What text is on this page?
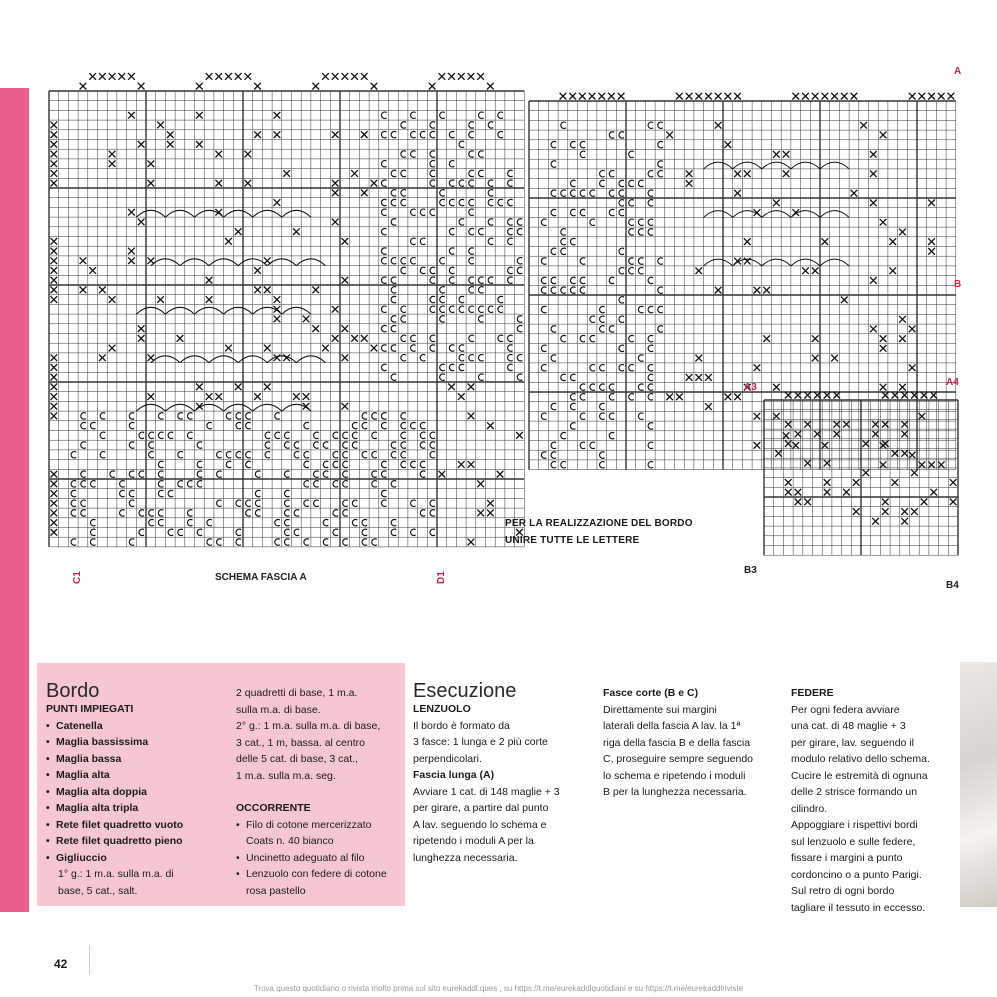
A
B
A3	A4
B3
B4
C1	D1
SCHEMA FASCIA A
PER LA REALIZZAZIONE DEL BORDO
UNIRE TUTTE LE LETTERE
Bordo
PUNTI IMPIEGATI
• Catenella
• Maglia bassissima
• Maglia bassa
• Maglia alta
• Maglia alta doppia
• Maglia alta tripla
• Rete filet quadretto vuoto
• Rete filet quadretto pieno
• Gigliuccio
1° g.: 1 m.a. sulla m.a. di
base, 5 cat., salt.
2 quadretti di base, 1 m.a.
sulla m.a. di base.
2° g.: 1 m.a. sulla m.a. di base,
3 cat., 1 m, bassa. al centro
delle 5 cat. di base, 3 cat.,
1 m.a. sulla m.a. seg.
OCCORRENTE
• Filo di cotone mercerizzato
Coats n. 40 bianco
• Uncinetto adeguato al filo
• Lenzuolo con federe di cotone
rosa pastello
Esecuzione
LENZUOLO
Il bordo è formato da
3 fasce: 1 lunga e 2 più corte
perpendicolari.
Fascia lunga (A)
Avviare 1 cat. di 148 maglie + 3
per girare, a partire dal punto
A lav. seguendo lo schema e
ripetendo i moduli A per la
lunghezza necessaria.
Fasce corte (B e C)
Direttamente sui margini
laterali della fascia A lav. la 1ª
riga della fascia B e della fascia
C, proseguire sempre seguendo
lo schema e ripetendo i moduli
B per la lunghezza necessaria.
FEDERE
Per ogni federa avviare
una cat. di 48 maglie + 3
per girare, lav. seguendo il
modulo relativo dello schema.
Cucire le estremità di ognuna
delle 2 strisce formando un
cilindro.
Appoggiare i rispettivi bordi
sul lenzuolo e sulle federe,
fissare i margini a punto
cordoncino o a punto Parigi.
Sul retro di ogni bordo
tagliare il tessuto in eccesso.
42
Trova questo quotidiano o rivista molto prima sul sito eurekaddl.ques , su https://t.me/eurekaddlquotidiani e su https://t.me/eurekaddlriviste
